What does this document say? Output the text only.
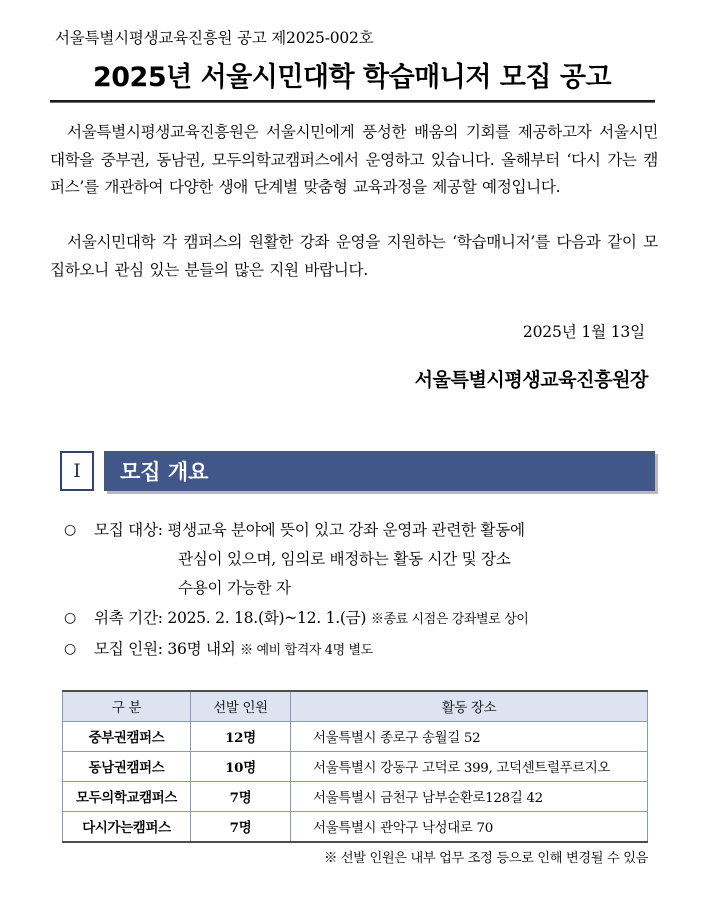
서울특별시평생교육진흥원 공고 제2025-002호
2025년 서울시민대학 학습매니저 모집 공고
서울특별시평생교육진흥원은 서울시민에게 풍성한 배움의 기회를 제공하고자 서울시민대학을 중부권, 동남권, 모두의학교캠퍼스에서 운영하고 있습니다. 올해부터 ‘다시 가는 캠퍼스’를 개관하여 다양한 생애 단계별 맞춤형 교육과정을 제공할 예정입니다.
서울시민대학 각 캠퍼스의 원활한 강좌 운영을 지원하는 ‘학습매니저’를 다음과 같이 모집하오니 관심 있는 분들의 많은 지원 바랍니다.
2025년 1월 13일
서울특별시평생교육진흥원장
I	모집 개요
○ 모집 대상: 평생교육 분야에 뜻이 있고 강좌 운영과 관련한 활동에
관심이 있으며, 임의로 배정하는 활동 시간 및 장소
수용이 가능한 자
○ 위촉 기간: 2025. 2. 18.(화)~12. 1.(금) ※종료 시점은 강좌별로 상이
○ 모집 인원: 36명 내외 ※ 예비 합격자 4명 별도
구 분	선발 인원	활동 장소
중부권캠퍼스	12명	서울특별시 종로구 송월길 52
동남권캠퍼스	10명	서울특별시 강동구 고덕로 399, 고덕센트럴푸르지오
모두의학교캠퍼스	7명	서울특별시 금천구 남부순환로128길 42
다시가는캠퍼스	7명	서울특별시 관악구 낙성대로 70
※ 선발 인원은 내부 업무 조정 등으로 인해 변경될 수 있음
